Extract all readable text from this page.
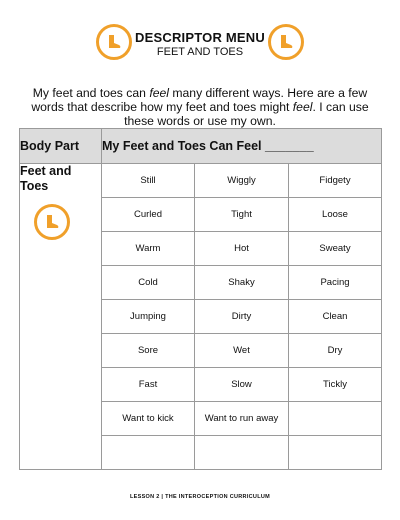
DESCRIPTOR MENU
FEET AND TOES

My feet and toes can feel many different ways. Here are a few words that describe how my feet and toes might feel. I can use these words or use my own.

Body Part	My Feet and Toes Can Feel _______		

Feet and Toes	Still	Wiggly	Fidgety
	Curled	Tight	Loose
	Warm	Hot	Sweaty
	Cold	Shaky	Pacing
	Jumping	Dirty	Clean
	Sore	Wet	Dry
	Fast	Slow	Tickly
	Want to kick	Want to run away	

LESSON 2 | THE INTEROCEPTION CURRICULUM
